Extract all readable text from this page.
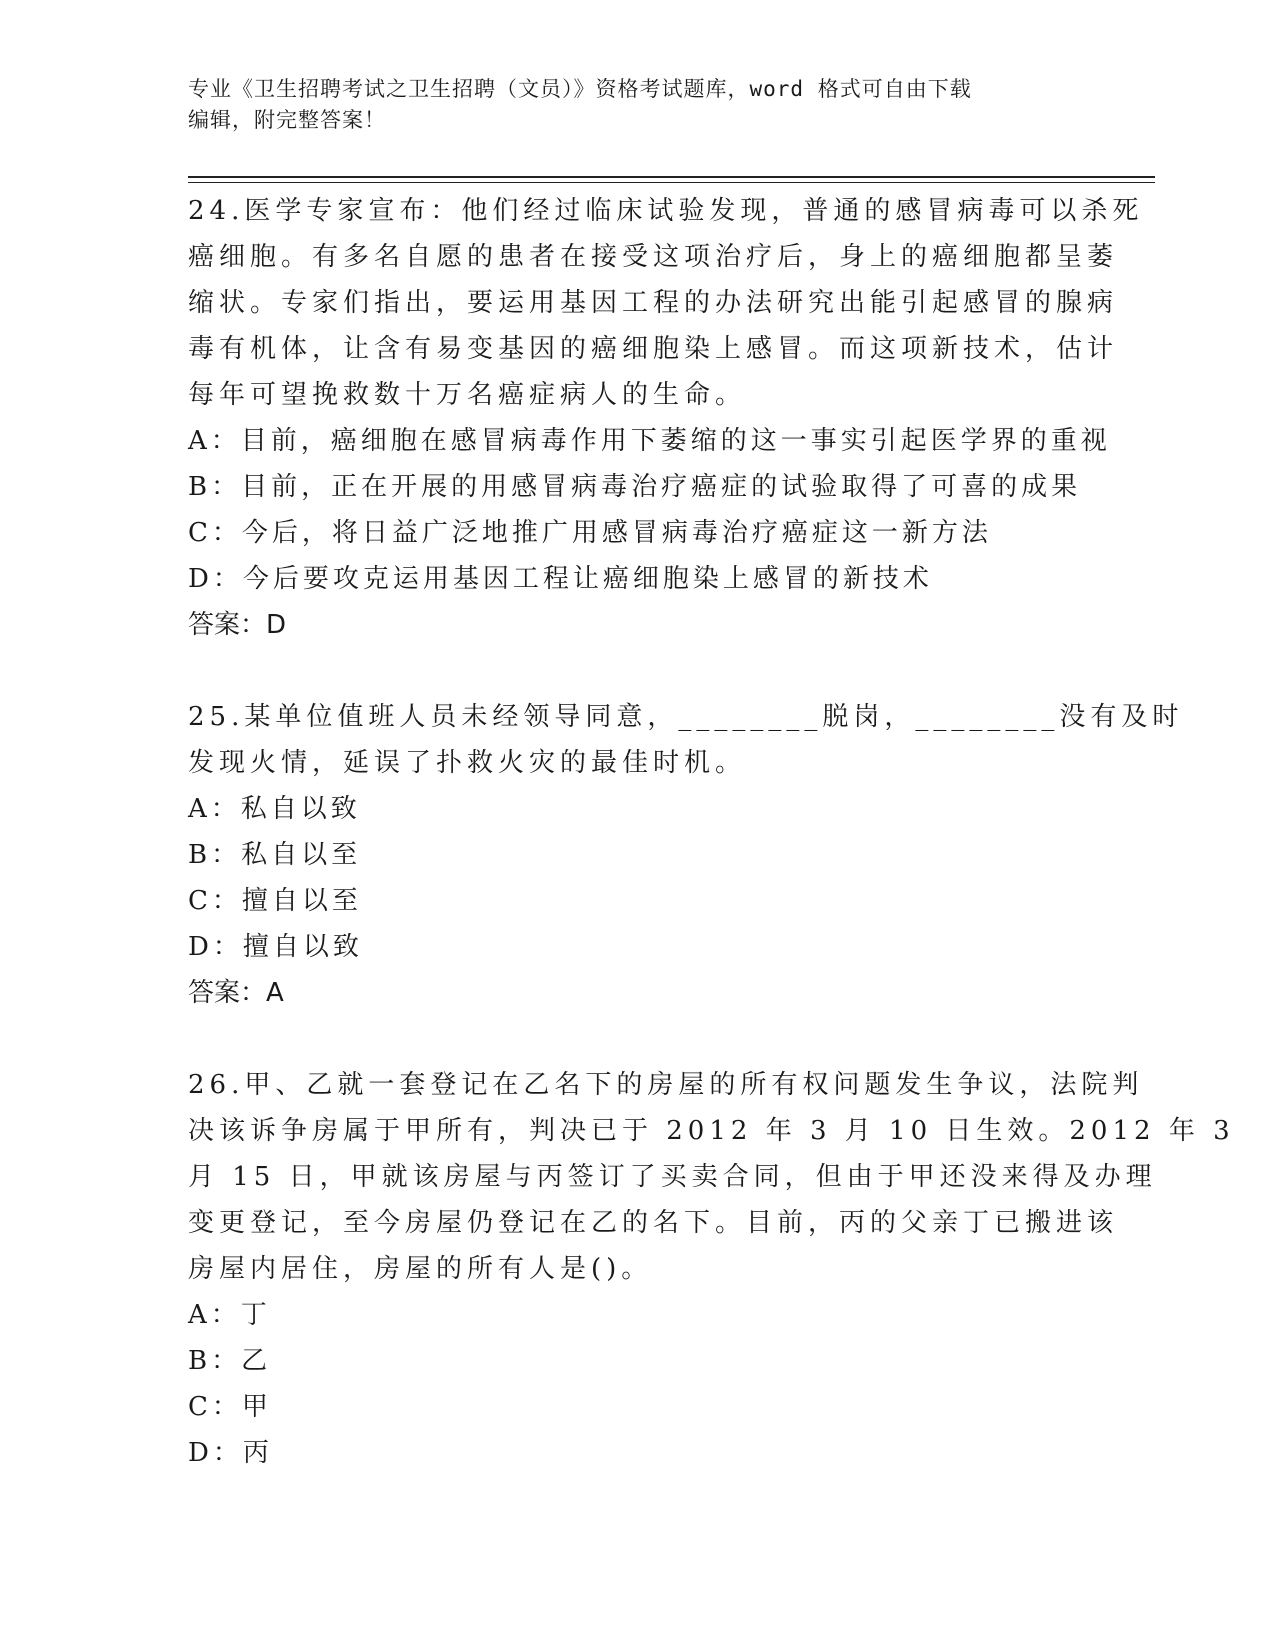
专业《卫生招聘考试之卫生招聘（文员）》资格考试题库，word 格式可自由下载
编辑，附完整答案！
24.医学专家宣布：他们经过临床试验发现，普通的感冒病毒可以杀死
癌细胞。有多名自愿的患者在接受这项治疗后，身上的癌细胞都呈萎
缩状。专家们指出，要运用基因工程的办法研究出能引起感冒的腺病
毒有机体，让含有易变基因的癌细胞染上感冒。而这项新技术，估计
每年可望挽救数十万名癌症病人的生命。
A：目前，癌细胞在感冒病毒作用下萎缩的这一事实引起医学界的重视
B：目前，正在开展的用感冒病毒治疗癌症的试验取得了可喜的成果
C：今后，将日益广泛地推广用感冒病毒治疗癌症这一新方法
D：今后要攻克运用基因工程让癌细胞染上感冒的新技术
答案：D
25.某单位值班人员未经领导同意，________脱岗，________没有及时
发现火情，延误了扑救火灾的最佳时机。
A：私自以致
B：私自以至
C：擅自以至
D：擅自以致
答案：A
26.甲、乙就一套登记在乙名下的房屋的所有权问题发生争议，法院判
决该诉争房属于甲所有，判决已于 2012 年 3 月 10 日生效。2012 年 3
月 15 日，甲就该房屋与丙签订了买卖合同，但由于甲还没来得及办理
变更登记，至今房屋仍登记在乙的名下。目前，丙的父亲丁已搬进该
房屋内居住，房屋的所有人是()。
A：丁
B：乙
C：甲
D：丙
